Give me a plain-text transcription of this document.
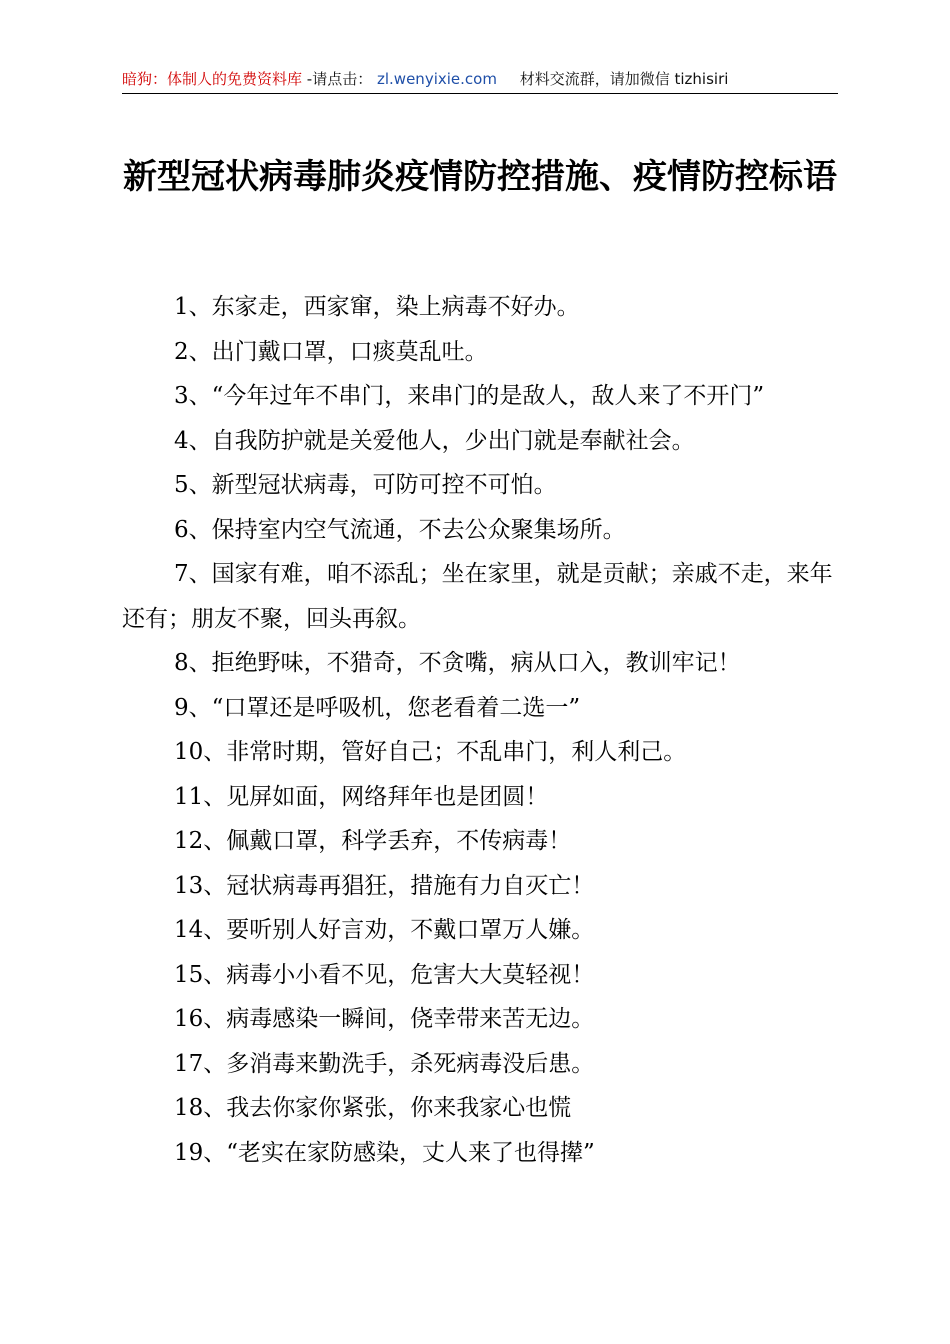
暗狗：体制人的免费资料库 -请点击： zl.wenyixie.com 材料交流群，请加微信 tizhisiri
新型冠状病毒肺炎疫情防控措施、疫情防控标语

1、东家走，西家窜，染上病毒不好办。

2、出门戴口罩，口痰莫乱吐。

3、“今年过年不串门，来串门的是敌人，敌人来了不开门”

4、自我防护就是关爱他人，少出门就是奉献社会。

5、新型冠状病毒，可防可控不可怕。

6、保持室内空气流通，不去公众聚集场所。

7、国家有难，咱不添乱；坐在家里，就是贡献；亲戚不走，来年还有；朋友不聚，回头再叙。

8、拒绝野味，不猎奇，不贪嘴，病从口入，教训牢记！

9、“口罩还是呼吸机，您老看着二选一”

10、非常时期，管好自己；不乱串门，利人利己。

11、见屏如面，网络拜年也是团圆！

12、佩戴口罩，科学丢弃，不传病毒！

13、冠状病毒再猖狂，措施有力自灭亡！

14、要听别人好言劝，不戴口罩万人嫌。

15、病毒小小看不见，危害大大莫轻视！

16、病毒感染一瞬间，侥幸带来苦无边。

17、多消毒来勤洗手，杀死病毒没后患。

18、我去你家你紧张，你来我家心也慌

19、“老实在家防感染，丈人来了也得撵”
